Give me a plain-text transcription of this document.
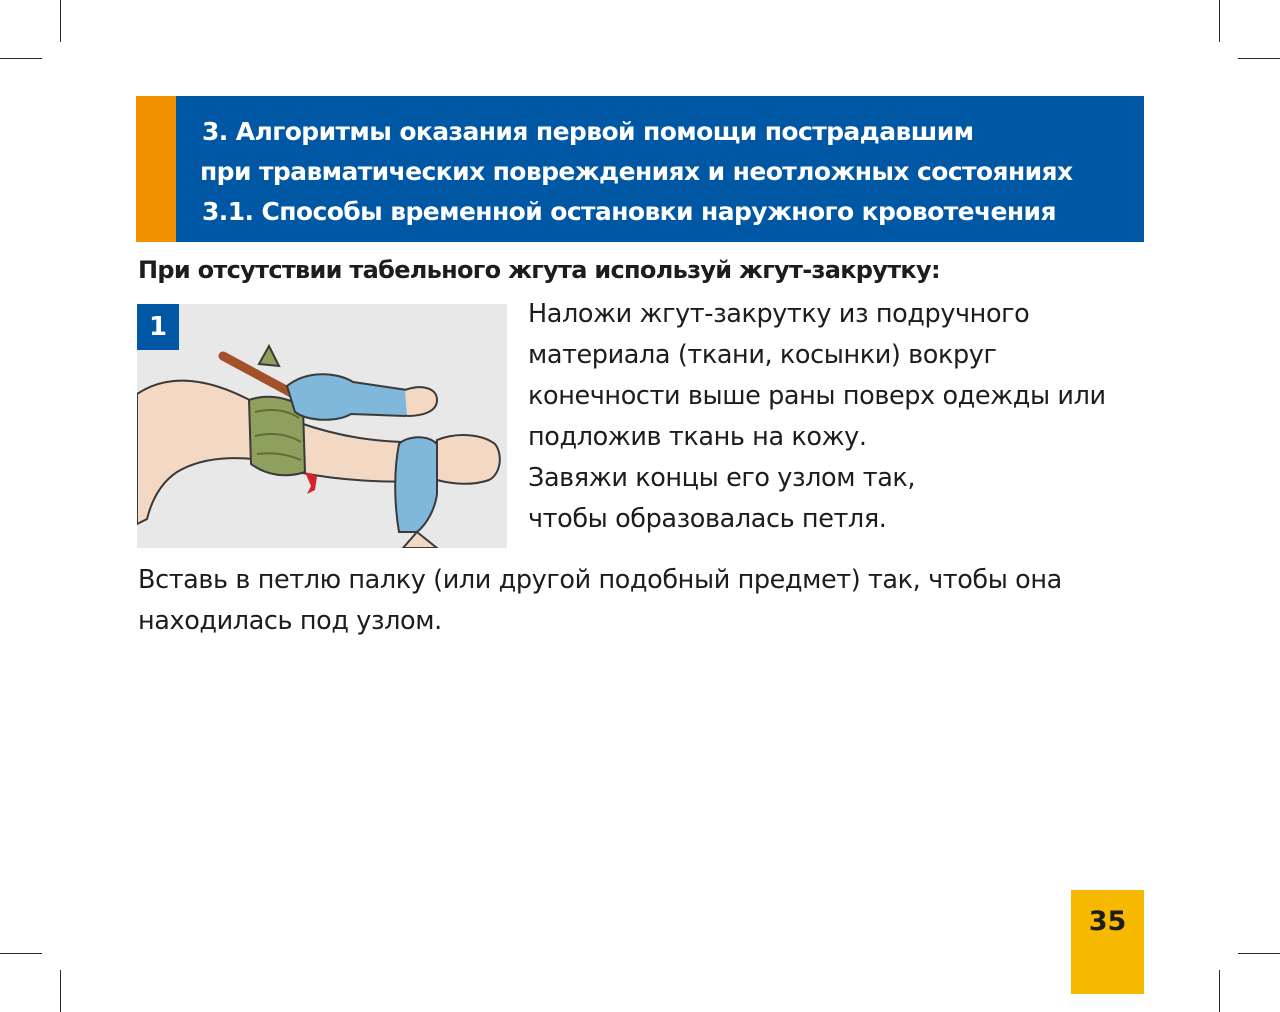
3. Алгоритмы оказания первой помощи пострадавшим
при травматических повреждениях и неотложных состояниях
3.1. Способы временной остановки наружного кровотечения
При отсутствии табельного жгута используй жгут-закрутку:
1	Наложи жгут-закрутку из подручного
материала (ткани, косынки) вокруг
конечности выше раны поверх одежды или
подложив ткань на кожу.
Завяжи концы его узлом так,
чтобы образовалась петля.
Вставь в петлю палку (или другой подобный предмет) так, чтобы она
находилась под узлом.
35
